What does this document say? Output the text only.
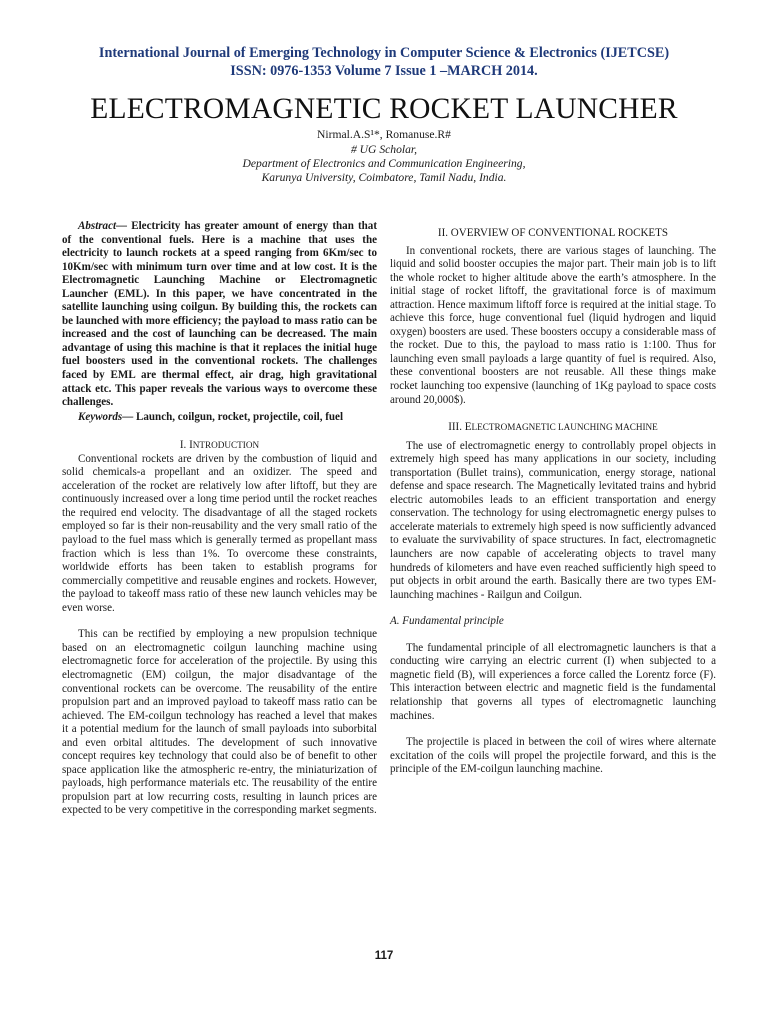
International Journal of Emerging Technology in Computer Science & Electronics (IJETCSE)
ISSN: 0976-1353 Volume 7 Issue 1 –MARCH 2014.
ELECTROMAGNETIC ROCKET LAUNCHER
Nirmal.A.S¹*, Romanuse.R#
# UG Scholar,
Department of Electronics and Communication Engineering,
Karunya University, Coimbatore, Tamil Nadu, India.

Abstract— Electricity has greater amount of energy than that of the conventional fuels. Here is a machine that uses the electricity to launch rockets at a speed ranging from 6Km/sec to 10Km/sec with minimum turn over time and at low cost. It is the Electromagnetic Launching Machine or Electromagnetic Launcher (EML). In this paper, we have concentrated in the satellite launching using coilgun. By building this, the rockets can be launched with more efficiency; the payload to mass ratio can be increased and the cost of launching can be decreased. The main advantage of using this machine is that it replaces the initial huge fuel boosters used in the conventional rockets. The challenges faced by EML are thermal effect, air drag, high gravitational attack etc. This paper reveals the various ways to overcome these challenges.

Keywords— Launch, coilgun, rocket, projectile, coil, fuel

I. INTRODUCTION

Conventional rockets are driven by the combustion of liquid and solid chemicals-a propellant and an oxidizer. The speed and acceleration of the rocket are relatively low after liftoff, but they are continuously increased over a long time period until the rocket reaches the required end velocity. The disadvantage of all the staged rockets employed so far is their non-reusability and the very small ratio of the payload to the fuel mass which is generally termed as propellant mass fraction which is less than 1%. To overcome these constraints, worldwide efforts has been taken to establish programs for commercially competitive and reusable engines and rockets. However, the payload to takeoff mass ratio of these new launch vehicles may be even worse.

This can be rectified by employing a new propulsion technique based on an electromagnetic coilgun launching machine using electromagnetic force for acceleration of the projectile. By using this electromagnetic (EM) coilgun, the major disadvantage of the conventional rockets can be overcome. The reusability of the entire propulsion part and an improved payload to takeoff mass ratio can be achieved. The EM-coilgun technology has reached a level that makes it a potential medium for the launch of small payloads into suborbital and even orbital altitudes. The development of such innovative concept requires key technology that could also be of benefit to other space application like the atmospheric re-entry, the miniaturization of payloads, high performance materials etc. The reusability of the entire propulsion part at low recurring costs, resulting in launch prices are expected to be very competitive in the corresponding market segments.

II. OVERVIEW OF CONVENTIONAL ROCKETS

In conventional rockets, there are various stages of launching. The liquid and solid booster occupies the major part. Their main job is to lift the whole rocket to higher altitude above the earth’s atmosphere. In the initial stage of rocket liftoff, the gravitational force is of maximum attraction. Hence maximum liftoff force is required at the initial stage. To achieve this force, huge conventional fuel (liquid hydrogen and liquid oxygen) boosters are used. These boosters occupy a considerable mass of the rocket. Due to this, the payload to mass ratio is 1:100. Thus for launching even small payloads a large quantity of fuel is required. Also, these conventional boosters are not reusable. All these things make rocket launching too expensive (launching of 1Kg payload to space costs around 20,000$).

III. ELECTROMAGNETIC LAUNCHING MACHINE

The use of electromagnetic energy to controllably propel objects in extremely high speed has many applications in our society, including transportation (Bullet trains), communication, energy storage, national defense and space research. The Magnetically levitated trains and hybrid electric automobiles leads to an efficient transportation and energy conservation. The technology for using electromagnetic energy pulses to accelerate materials to extremely high speed is now sufficiently advanced to evaluate the survivability of space structures. In fact, electromagnetic launchers are now capable of accelerating objects to travel many hundreds of kilometers and have even reached sufficiently high speed to put objects in orbit around the earth. Basically there are two types EM-launching machines - Railgun and Coilgun.

A. Fundamental principle

The fundamental principle of all electromagnetic launchers is that a conducting wire carrying an electric current (I) when subjected to a magnetic field (B), will experiences a force called the Lorentz force (F). This interaction between electric and magnetic field is the fundamental relationship that governs all types of electromagnetic launching machines.

The projectile is placed in between the coil of wires where alternate excitation of the coils will propel the projectile forward, and this is the principle of the EM-coilgun launching machine.

117
